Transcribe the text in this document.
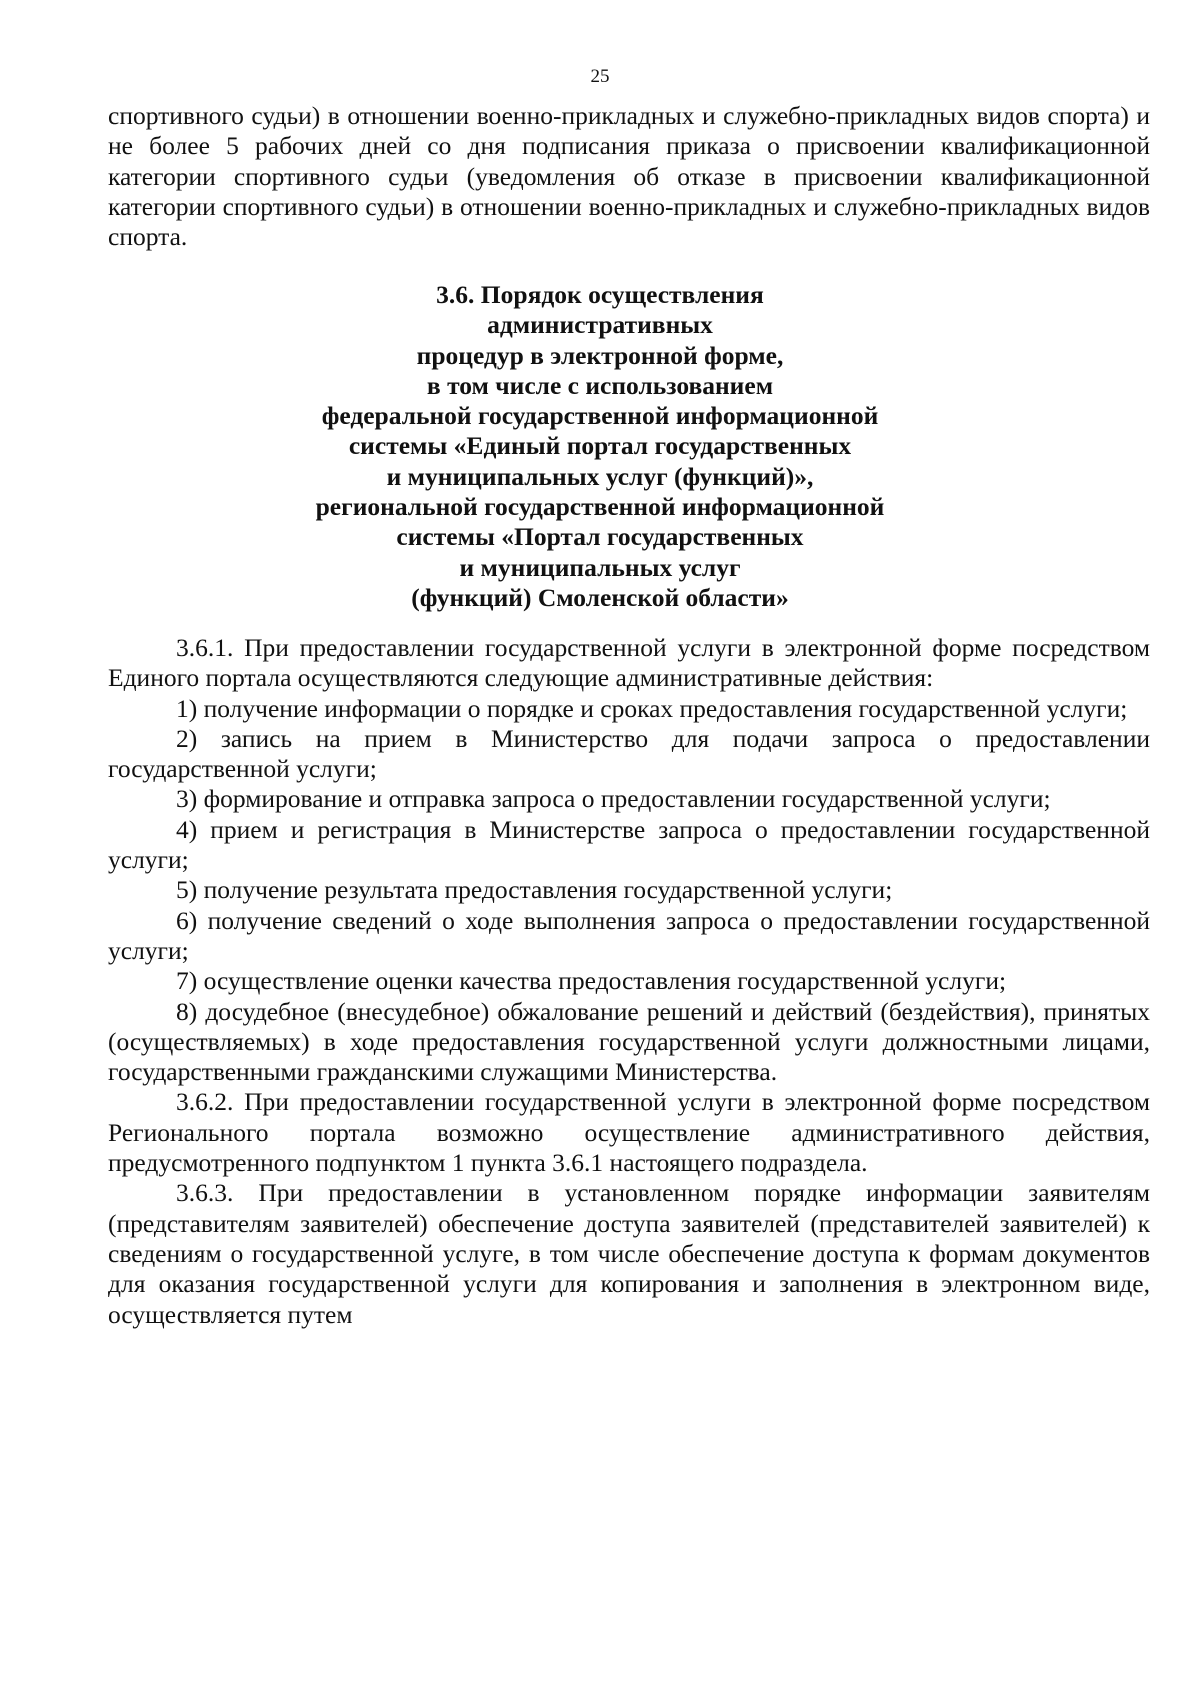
25

спортивного судьи) в отношении военно-прикладных и служебно-прикладных видов спорта) и не более 5 рабочих дней со дня подписания приказа о присвоении квалификационной категории спортивного судьи (уведомления об отказе в присвоении квалификационной категории спортивного судьи) в отношении военно-прикладных и служебно-прикладных видов спорта.

3.6. Порядок осуществления
административных
процедур в электронной форме,
в том числе с использованием
федеральной государственной информационной
системы «Единый портал государственных
и муниципальных услуг (функций)»,
региональной государственной информационной
системы «Портал государственных
и муниципальных услуг
(функций) Смоленской области»

3.6.1. При предоставлении государственной услуги в электронной форме посредством Единого портала осуществляются следующие административные действия:

1) получение информации о порядке и сроках предоставления государственной услуги;

2) запись на прием в Министерство для подачи запроса о предоставлении государственной услуги;

3) формирование и отправка запроса о предоставлении государственной услуги;

4) прием и регистрация в Министерстве запроса о предоставлении государственной услуги;

5) получение результата предоставления государственной услуги;

6) получение сведений о ходе выполнения запроса о предоставлении государственной услуги;

7) осуществление оценки качества предоставления государственной услуги;

8) досудебное (внесудебное) обжалование решений и действий (бездействия), принятых (осуществляемых) в ходе предоставления государственной услуги должностными лицами, государственными гражданскими служащими Министерства.

3.6.2. При предоставлении государственной услуги в электронной форме посредством Регионального портала возможно осуществление административного действия, предусмотренного подпунктом 1 пункта 3.6.1 настоящего подраздела.

3.6.3. При предоставлении в установленном порядке информации заявителям (представителям заявителей) обеспечение доступа заявителей (представителей заявителей) к сведениям о государственной услуге, в том числе обеспечение доступа к формам документов для оказания государственной услуги для копирования и заполнения в электронном виде, осуществляется путем
